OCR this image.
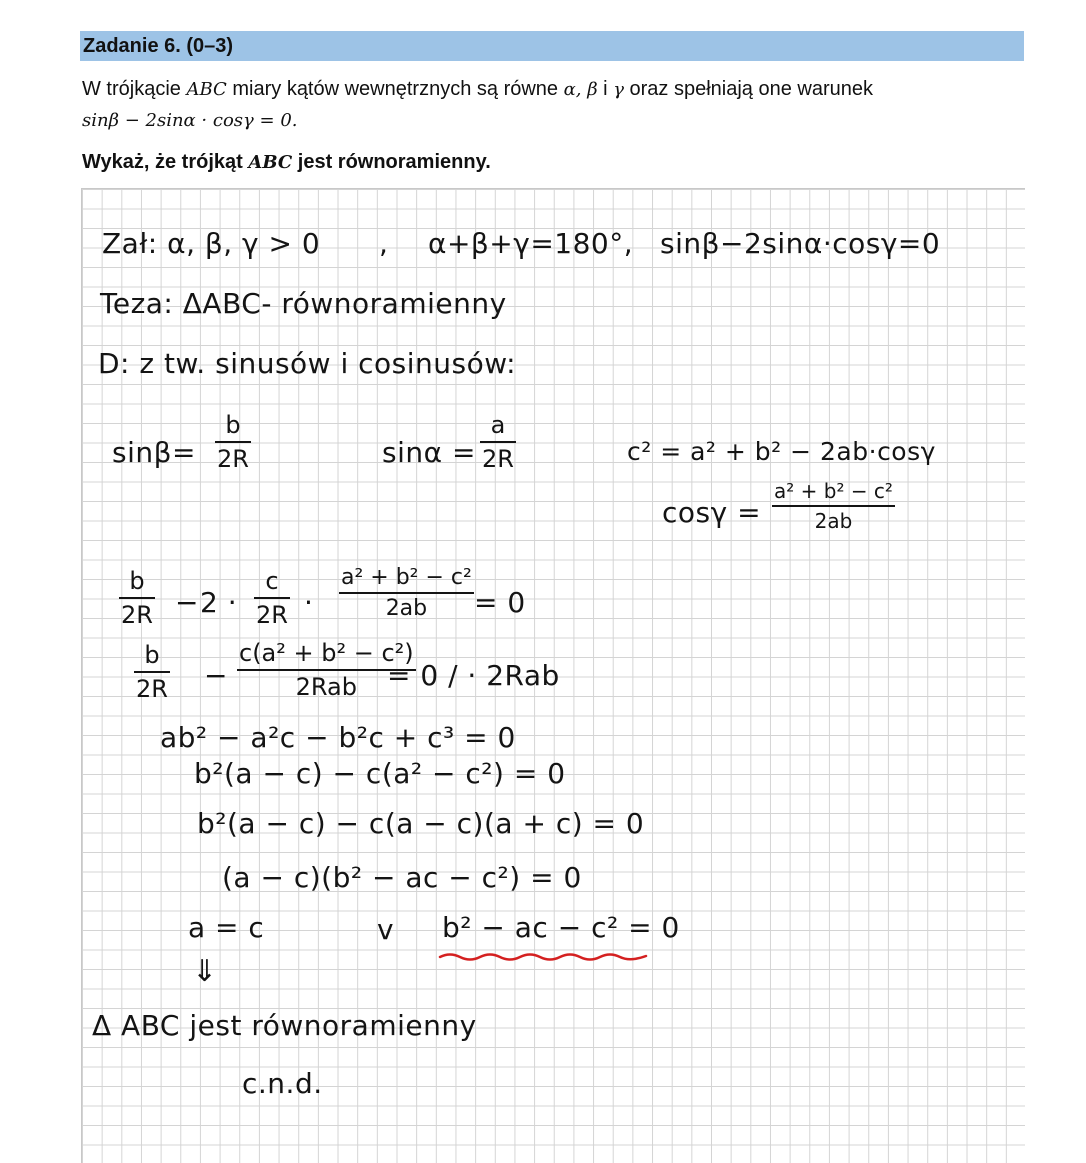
Zadanie 6. (0–3)
W trójkącie ABC miary kątów wewnętrznych są równe α, β i γ oraz spełniają one warunek
sinβ − 2sinα · cosγ = 0.
Wykaż, że trójkąt ABC jest równoramienny.
Zał: α, β, γ > 0 , α+β+γ=180°, sinβ−2sinα·cosγ=0
Teza: ΔABC- równoramienny
D: z tw. sinusów i cosinusów:
sinβ=
b
2R	sinα =
a
2R	c² = a² + b² − 2ab·cosγ
cosγ =
a² + b² − c²
2ab
b
2R − 2 ·
c
2R ·
a² + b² − c²
2ab	= 0
b
2R −
c(a² + b² − c²)
2Rab	= 0 / · 2Rab
ab² − a²c − b²c + c³ = 0
b²(a − c) − c(a² − c²) = 0
b²(a − c) − c(a − c)(a + c) = 0
(a − c)(b² − ac − c²) = 0
a = c	v b² − ac − c² = 0
⇓
Δ ABC jest równoramienny
c.n.d.
